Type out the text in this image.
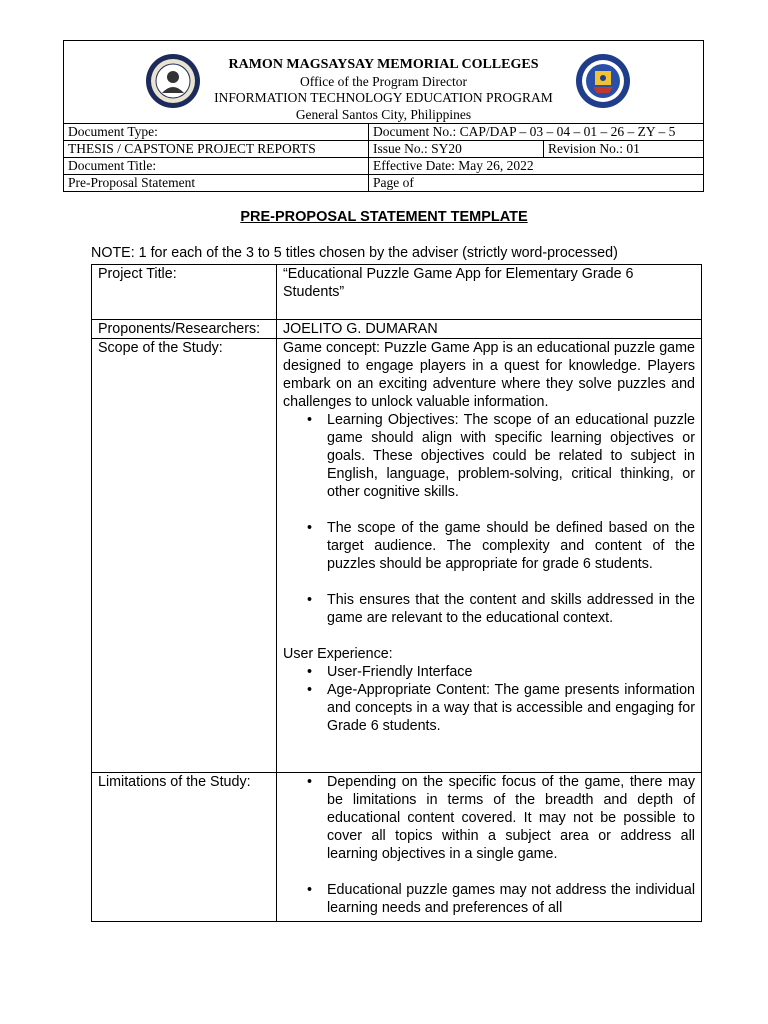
RAMON MAGSAYSAY MEMORIAL COLLEGES
Office of the Program Director
INFORMATION TECHNOLOGY EDUCATION PROGRAM
General Santos City, Philippines
Document Type:	Document No.: CAP/DAP – 03 – 04 – 01 – 26 – ZY – 5	
THESIS / CAPSTONE PROJECT REPORTS	Issue No.: SY20	Revision No.: 01
Document Title:	Effective Date: May 26, 2022	
Pre-Proposal Statement	Page of	
PRE-PROPOSAL STATEMENT TEMPLATE
NOTE: 1 for each of the 3 to 5 titles chosen by the adviser (strictly word-processed)
Project Title:	“Educational Puzzle Game App for Elementary Grade 6 Students”
Proponents/Researchers:	JOELITO G. DUMARAN
Scope of the Study:	Game concept: Puzzle Game App is an educational puzzle game designed to engage players in a quest for knowledge. Players embark on an exciting adventure where they solve puzzles and challenges to unlock valuable information.
• Learning Objectives: The scope of an educational puzzle game should align with specific learning objectives or goals. These objectives could be related to subject in English, language, problem-solving, critical thinking, or other cognitive skills.
• The scope of the game should be defined based on the target audience. The complexity and content of the puzzles should be appropriate for grade 6 students.
• This ensures that the content and skills addressed in the game are relevant to the educational context.
User Experience:
• User-Friendly Interface
• Age-Appropriate Content: The game presents information and concepts in a way that is accessible and engaging for Grade 6 students.
Limitations of the Study:	• Depending on the specific focus of the game, there may be limitations in terms of the breadth and depth of educational content covered. It may not be possible to cover all topics within a subject area or address all learning objectives in a single game.
• Educational puzzle games may not address the individual learning needs and preferences of all
